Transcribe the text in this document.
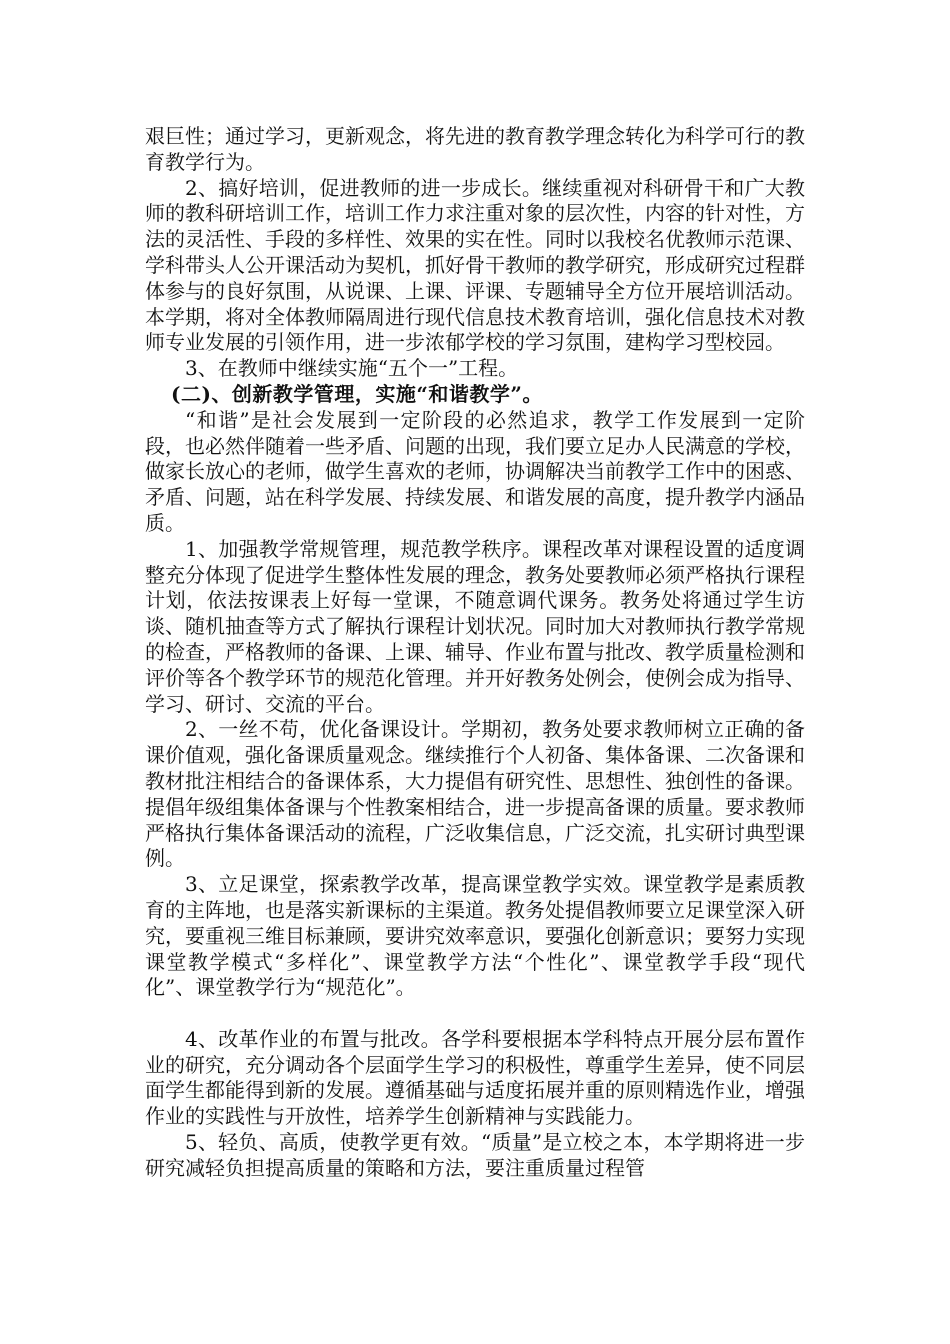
艰巨性；通过学习，更新观念，将先进的教育教学理念转化为科学可行的教育教学行为。

2、搞好培训，促进教师的进一步成长。继续重视对科研骨干和广大教师的教科研培训工作，培训工作力求注重对象的层次性，内容的针对性，方法的灵活性、手段的多样性、效果的实在性。同时以我校名优教师示范课、学科带头人公开课活动为契机，抓好骨干教师的教学研究，形成研究过程群体参与的良好氛围，从说课、上课、评课、专题辅导全方位开展培训活动。本学期，将对全体教师隔周进行现代信息技术教育培训，强化信息技术对教师专业发展的引领作用，进一步浓郁学校的学习氛围，建构学习型校园。

3、在教师中继续实施“五个一”工程。

(二)、创新教学管理，实施“和谐教学”。

“和谐”是社会发展到一定阶段的必然追求，教学工作发展到一定阶段，也必然伴随着一些矛盾、问题的出现，我们要立足办人民满意的学校，做家长放心的老师，做学生喜欢的老师，协调解决当前教学工作中的困惑、矛盾、问题，站在科学发展、持续发展、和谐发展的高度，提升教学内涵品质。

1、加强教学常规管理，规范教学秩序。课程改革对课程设置的适度调整充分体现了促进学生整体性发展的理念，教务处要教师必须严格执行课程计划，依法按课表上好每一堂课，不随意调代课务。教务处将通过学生访谈、随机抽查等方式了解执行课程计划状况。同时加大对教师执行教学常规的检查，严格教师的备课、上课、辅导、作业布置与批改、教学质量检测和评价等各个教学环节的规范化管理。并开好教务处例会，使例会成为指导、学习、研讨、交流的平台。

2、一丝不苟，优化备课设计。学期初，教务处要求教师树立正确的备课价值观，强化备课质量观念。继续推行个人初备、集体备课、二次备课和教材批注相结合的备课体系，大力提倡有研究性、思想性、独创性的备课。提倡年级组集体备课与个性教案相结合，进一步提高备课的质量。要求教师严格执行集体备课活动的流程，广泛收集信息，广泛交流，扎实研讨典型课例。

3、立足课堂，探索教学改革，提高课堂教学实效。课堂教学是素质教育的主阵地，也是落实新课标的主渠道。教务处提倡教师要立足课堂深入研究，要重视三维目标兼顾，要讲究效率意识，要强化创新意识；要努力实现课堂教学模式“多样化”、课堂教学方法“个性化”、课堂教学手段“现代化”、课堂教学行为“规范化”。

4、改革作业的布置与批改。各学科要根据本学科特点开展分层布置作业的研究，充分调动各个层面学生学习的积极性，尊重学生差异，使不同层面学生都能得到新的发展。遵循基础与适度拓展并重的原则精选作业，增强作业的实践性与开放性，培养学生创新精神与实践能力。

5、轻负、高质，使教学更有效。“质量”是立校之本，本学期将进一步研究减轻负担提高质量的策略和方法，要注重质量过程管
